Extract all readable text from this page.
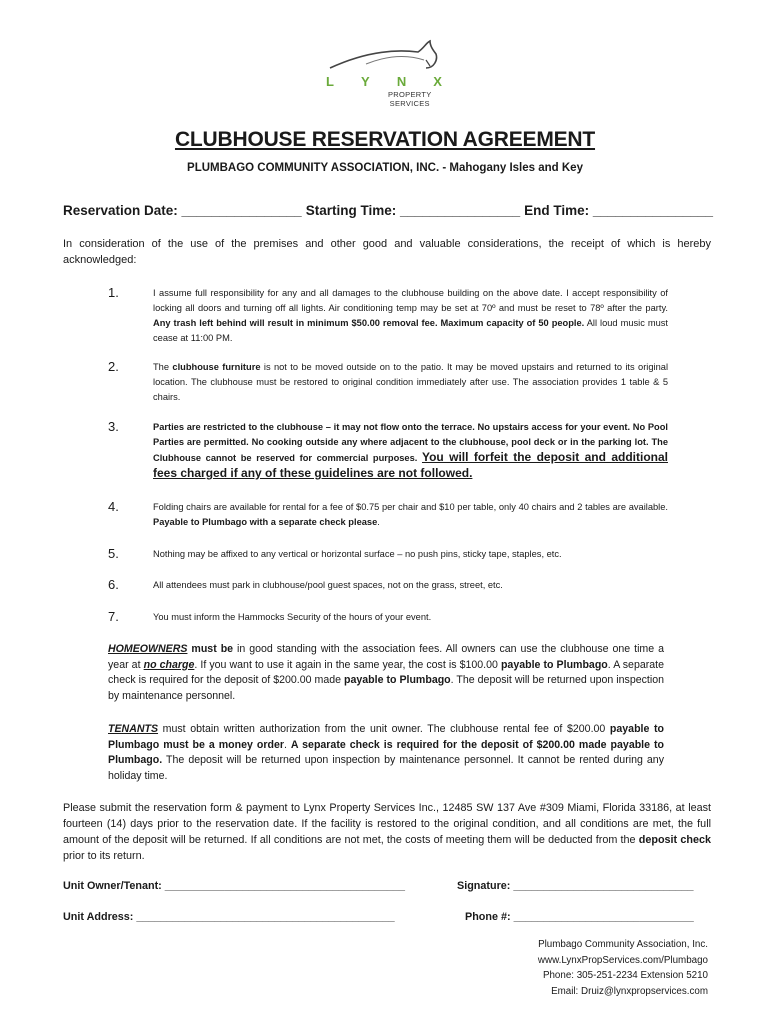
L Y N X
PROPERTY
SERVICES
CLUBHOUSE RESERVATION AGREEMENT
PLUMBAGO COMMUNITY ASSOCIATION, INC. - Mahogany Isles and Key
Reservation Date: ________________ Starting Time: ________________ End Time: ________________
In consideration of the use of the premises and other good and valuable considerations, the receipt of which is hereby acknowledged:
1.	I assume full responsibility for any and all damages to the clubhouse building on the above date. I accept responsibility of locking all doors and turning off all lights. Air conditioning temp may be set at 70º and must be reset to 78º after the party. Any trash left behind will result in minimum $50.00 removal fee. Maximum capacity of 50 people. All loud music must cease at 11:00 PM.
2.	The clubhouse furniture is not to be moved outside on to the patio. It may be moved upstairs and returned to its original location. The clubhouse must be restored to original condition immediately after use. The association provides 1 table & 5 chairs.
3.	Parties are restricted to the clubhouse – it may not flow onto the terrace. No upstairs access for your event. No Pool Parties are permitted. No cooking outside any where adjacent to the clubhouse, pool deck or in the parking lot. The Clubhouse cannot be reserved for commercial purposes. You will forfeit the deposit and additional fees charged if any of these guidelines are not followed.
4.	Folding chairs are available for rental for a fee of $0.75 per chair and $10 per table, only 40 chairs and 2 tables are available. Payable to Plumbago with a separate check please.
5.	Nothing may be affixed to any vertical or horizontal surface – no push pins, sticky tape, staples, etc.
6.	All attendees must park in clubhouse/pool guest spaces, not on the grass, street, etc.
7.	You must inform the Hammocks Security of the hours of your event.
HOMEOWNERS must be in good standing with the association fees. All owners can use the clubhouse one time a year at no charge. If you want to use it again in the same year, the cost is $100.00 payable to Plumbago. A separate check is required for the deposit of $200.00 made payable to Plumbago. The deposit will be returned upon inspection by maintenance personnel.
TENANTS must obtain written authorization from the unit owner. The clubhouse rental fee of $200.00 payable to Plumbago must be a money order. A separate check is required for the deposit of $200.00 made payable to Plumbago. The deposit will be returned upon inspection by maintenance personnel. It cannot be rented during any holiday time.
Please submit the reservation form & payment to Lynx Property Services Inc., 12485 SW 137 Ave #309 Miami, Florida 33186, at least fourteen (14) days prior to the reservation date. If the facility is restored to the original condition, and all conditions are met, the full amount of the deposit will be returned. If all conditions are not met, the costs of meeting them will be deducted from the deposit check prior to its return.
Unit Owner/Tenant: ________________________________________	Signature: ______________________________
Unit Address: ___________________________________________	Phone #: ______________________________
Plumbago Community Association, Inc.
www.LynxPropServices.com/Plumbago
Phone: 305-251-2234 Extension 5210
Email: Druiz@lynxpropservices.com
